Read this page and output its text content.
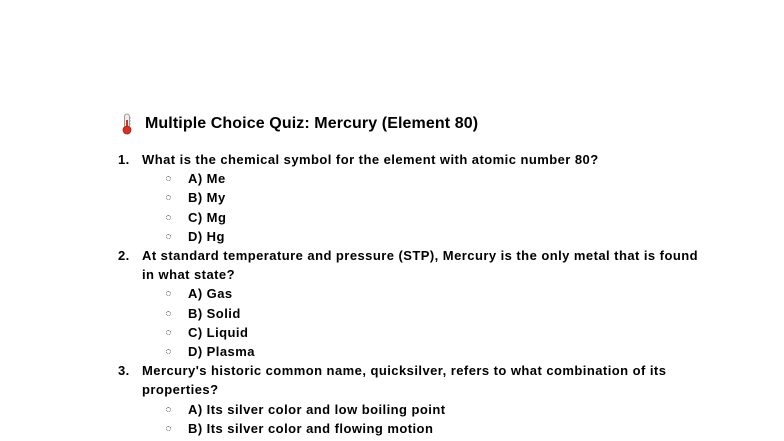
Multiple Choice Quiz: Mercury (Element 80)
1. What is the chemical symbol for the element with atomic number 80?
A) Me
B) My
C) Mg
D) Hg
2. At standard temperature and pressure (STP), Mercury is the only metal that is found in what state?
A) Gas
B) Solid
C) Liquid
D) Plasma
3. Mercury's historic common name, quicksilver, refers to what combination of its properties?
A) Its silver color and low boiling point
B) Its silver color and flowing motion
